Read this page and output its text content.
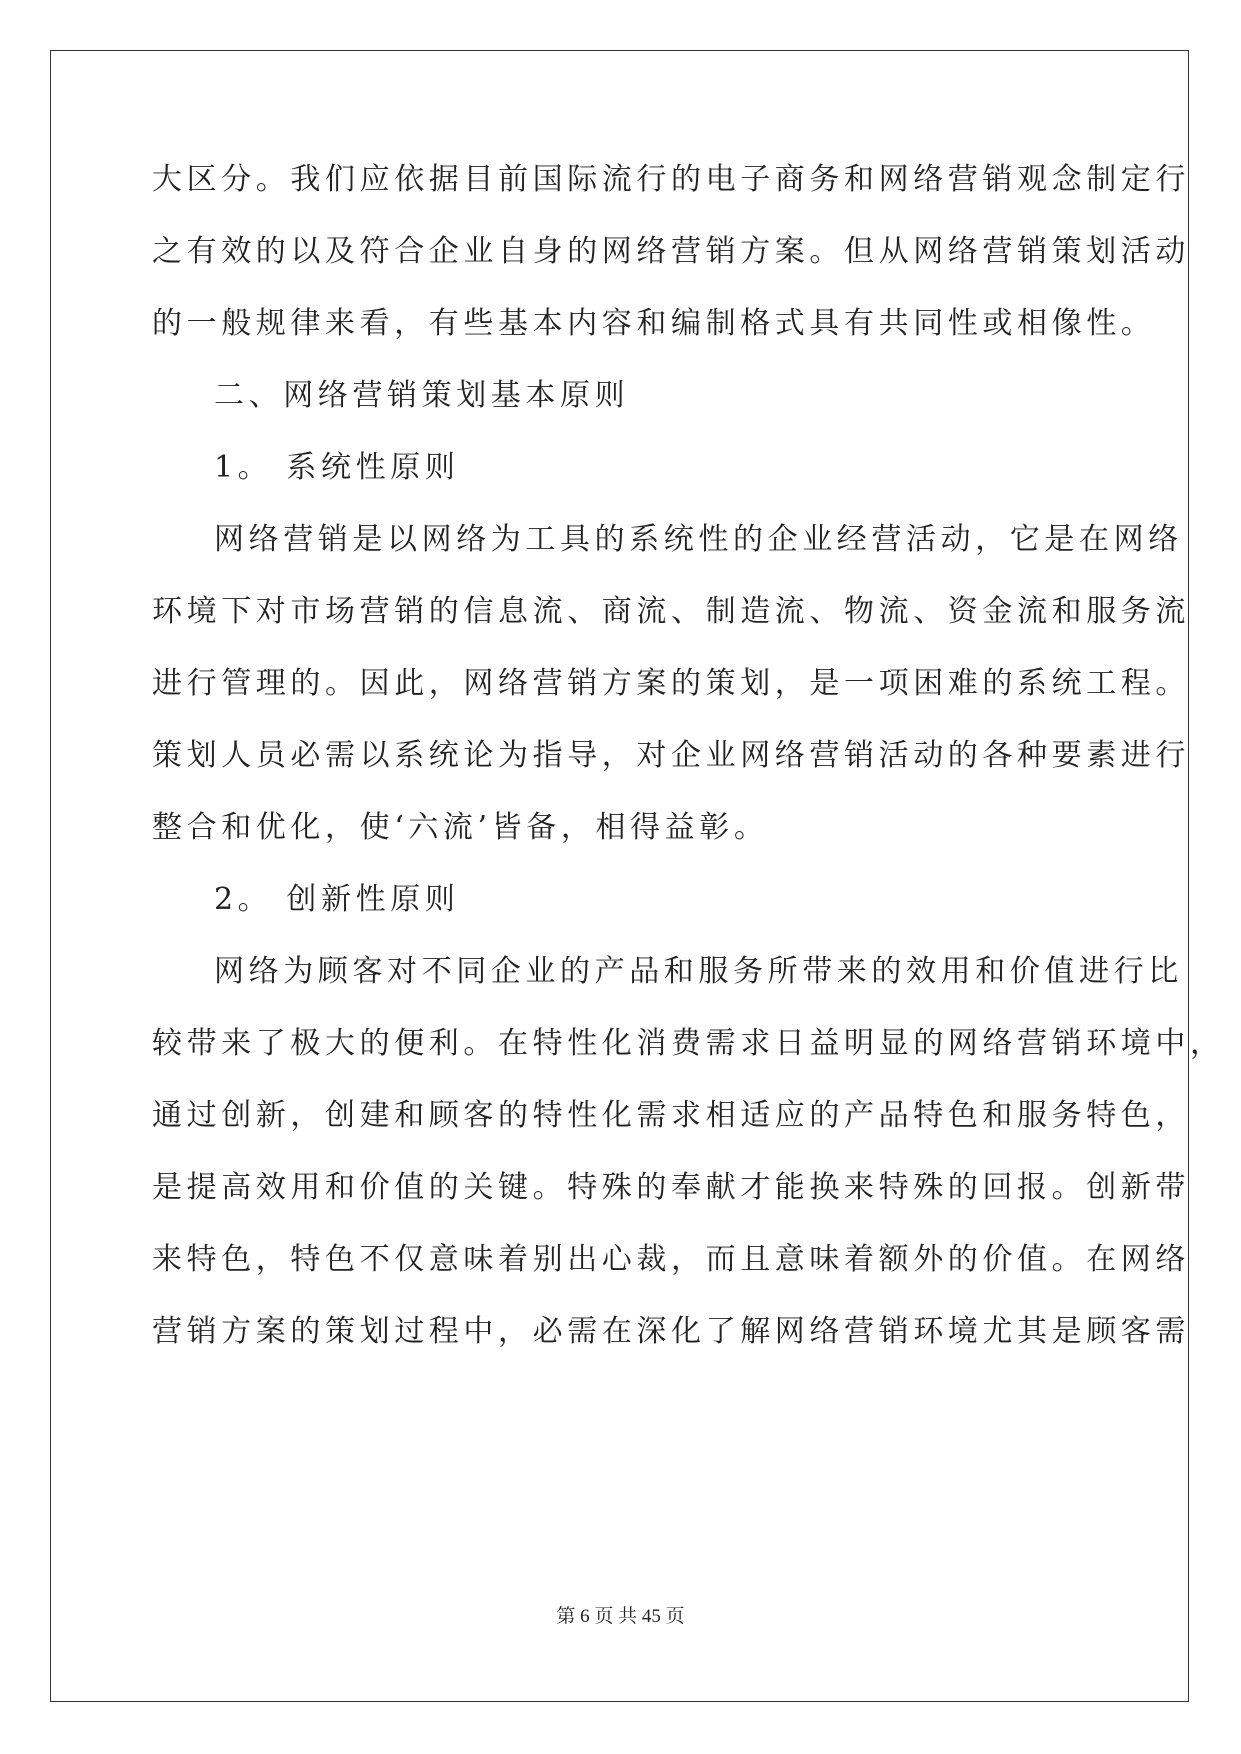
大区分。我们应依据目前国际流行的电子商务和网络营销观念制定行
之有效的以及符合企业自身的网络营销方案。但从网络营销策划活动
的一般规律来看，有些基本内容和编制格式具有共同性或相像性。
二、网络营销策划基本原则
1。 系统性原则
网络营销是以网络为工具的系统性的企业经营活动，它是在网络
环境下对市场营销的信息流、商流、制造流、物流、资金流和服务流
进行管理的。因此，网络营销方案的策划，是一项困难的系统工程。
策划人员必需以系统论为指导，对企业网络营销活动的各种要素进行
整合和优化，使‘六流’皆备，相得益彰。
2。 创新性原则
网络为顾客对不同企业的产品和服务所带来的效用和价值进行比
较带来了极大的便利。在特性化消费需求日益明显的网络营销环境中，
通过创新，创建和顾客的特性化需求相适应的产品特色和服务特色，
是提高效用和价值的关键。特殊的奉献才能换来特殊的回报。创新带
来特色，特色不仅意味着别出心裁，而且意味着额外的价值。在网络
营销方案的策划过程中，必需在深化了解网络营销环境尤其是顾客需
第 6 页 共 45 页
